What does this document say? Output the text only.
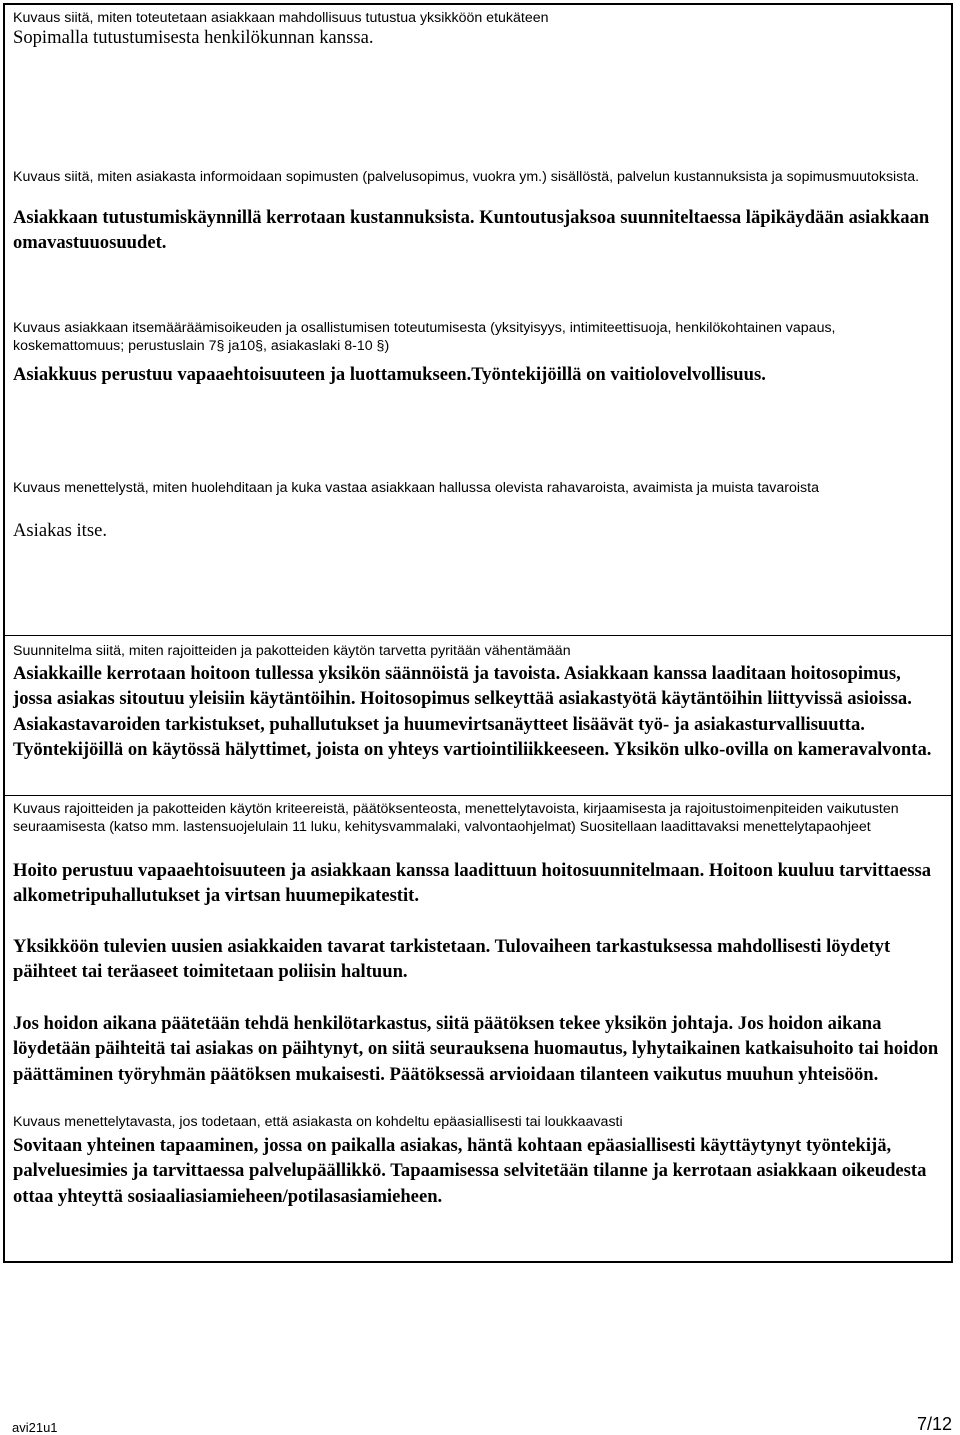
Kuvaus siitä, miten toteutetaan asiakkaan mahdollisuus tutustua yksikköön etukäteen

Sopimalla tutustumisesta henkilökunnan kanssa.

Kuvaus siitä, miten asiakasta informoidaan sopimusten (palvelusopimus, vuokra ym.) sisällöstä, palvelun kustannuksista ja sopimusmuutoksista.

Asiakkaan tutustumiskäynnillä kerrotaan kustannuksista. Kuntoutusjaksoa suunniteltaessa läpikäydään asiakkaan omavastuuosuudet.

Kuvaus asiakkaan itsemääräämisoikeuden ja osallistumisen toteutumisesta (yksityisyys, intimiteettisuoja, henkilökohtainen vapaus, koskemattomuus; perustuslain 7§ ja10§, asiakaslaki 8-10 §)

Asiakkuus perustuu vapaaehtoisuuteen ja luottamukseen.Työntekijöillä on vaitiolovelvollisuus.

Kuvaus menettelystä, miten huolehditaan ja kuka vastaa asiakkaan hallussa olevista rahavaroista, avaimista ja muista tavaroista

Asiakas itse.

Suunnitelma siitä, miten rajoitteiden ja pakotteiden käytön tarvetta pyritään vähentämään

Asiakkaille kerrotaan hoitoon tullessa yksikön säännöistä ja tavoista. Asiakkaan kanssa laaditaan hoitosopimus, jossa asiakas sitoutuu yleisiin käytäntöihin. Hoitosopimus selkeyttää asiakastyötä käytäntöihin liittyvissä asioissa. Asiakastavaroiden tarkistukset, puhallutukset ja huumevirtsanäytteet lisäävät työ- ja asiakasturvallisuutta. Työntekijöillä on käytössä hälyttimet, joista on yhteys vartiointiliikkeeseen. Yksikön ulko-ovilla on kameravalvonta.

Kuvaus rajoitteiden ja pakotteiden käytön kriteereistä, päätöksenteosta, menettelytavoista, kirjaamisesta ja rajoitustoimenpiteiden vaikutusten seuraamisesta (katso mm. lastensuojelulain 11 luku, kehitysvammalaki, valvontaohjelmat) Suositellaan laadittavaksi menettelytapaohjeet

Hoito perustuu vapaaehtoisuuteen ja asiakkaan kanssa laadittuun hoitosuunnitelmaan. Hoitoon kuuluu tarvittaessa alkometripuhallutukset ja virtsan huumepikatestit.

Yksikköön tulevien uusien asiakkaiden tavarat tarkistetaan. Tulovaiheen tarkastuksessa mahdollisesti löydetyt päihteet tai teräaseet toimitetaan poliisin haltuun.

Jos hoidon aikana päätetään tehdä henkilötarkastus, siitä päätöksen tekee yksikön johtaja. Jos hoidon aikana löydetään päihteitä tai asiakas on päihtynyt, on siitä seurauksena huomautus, lyhytaikainen katkaisuhoito tai hoidon päättäminen työryhmän päätöksen mukaisesti. Päätöksessä arvioidaan tilanteen vaikutus muuhun yhteisöön.

Kuvaus menettelytavasta, jos todetaan, että asiakasta on kohdeltu epäasiallisesti tai loukkaavasti

Sovitaan yhteinen tapaaminen, jossa on paikalla asiakas, häntä kohtaan epäasiallisesti käyttäytynyt työntekijä, palveluesimies ja tarvittaessa palvelupäällikkö. Tapaamisessa selvitetään tilanne ja kerrotaan asiakkaan oikeudesta ottaa yhteyttä sosiaaliasiamieheen/potilasasiamieheen.

avi21u1	7/12
